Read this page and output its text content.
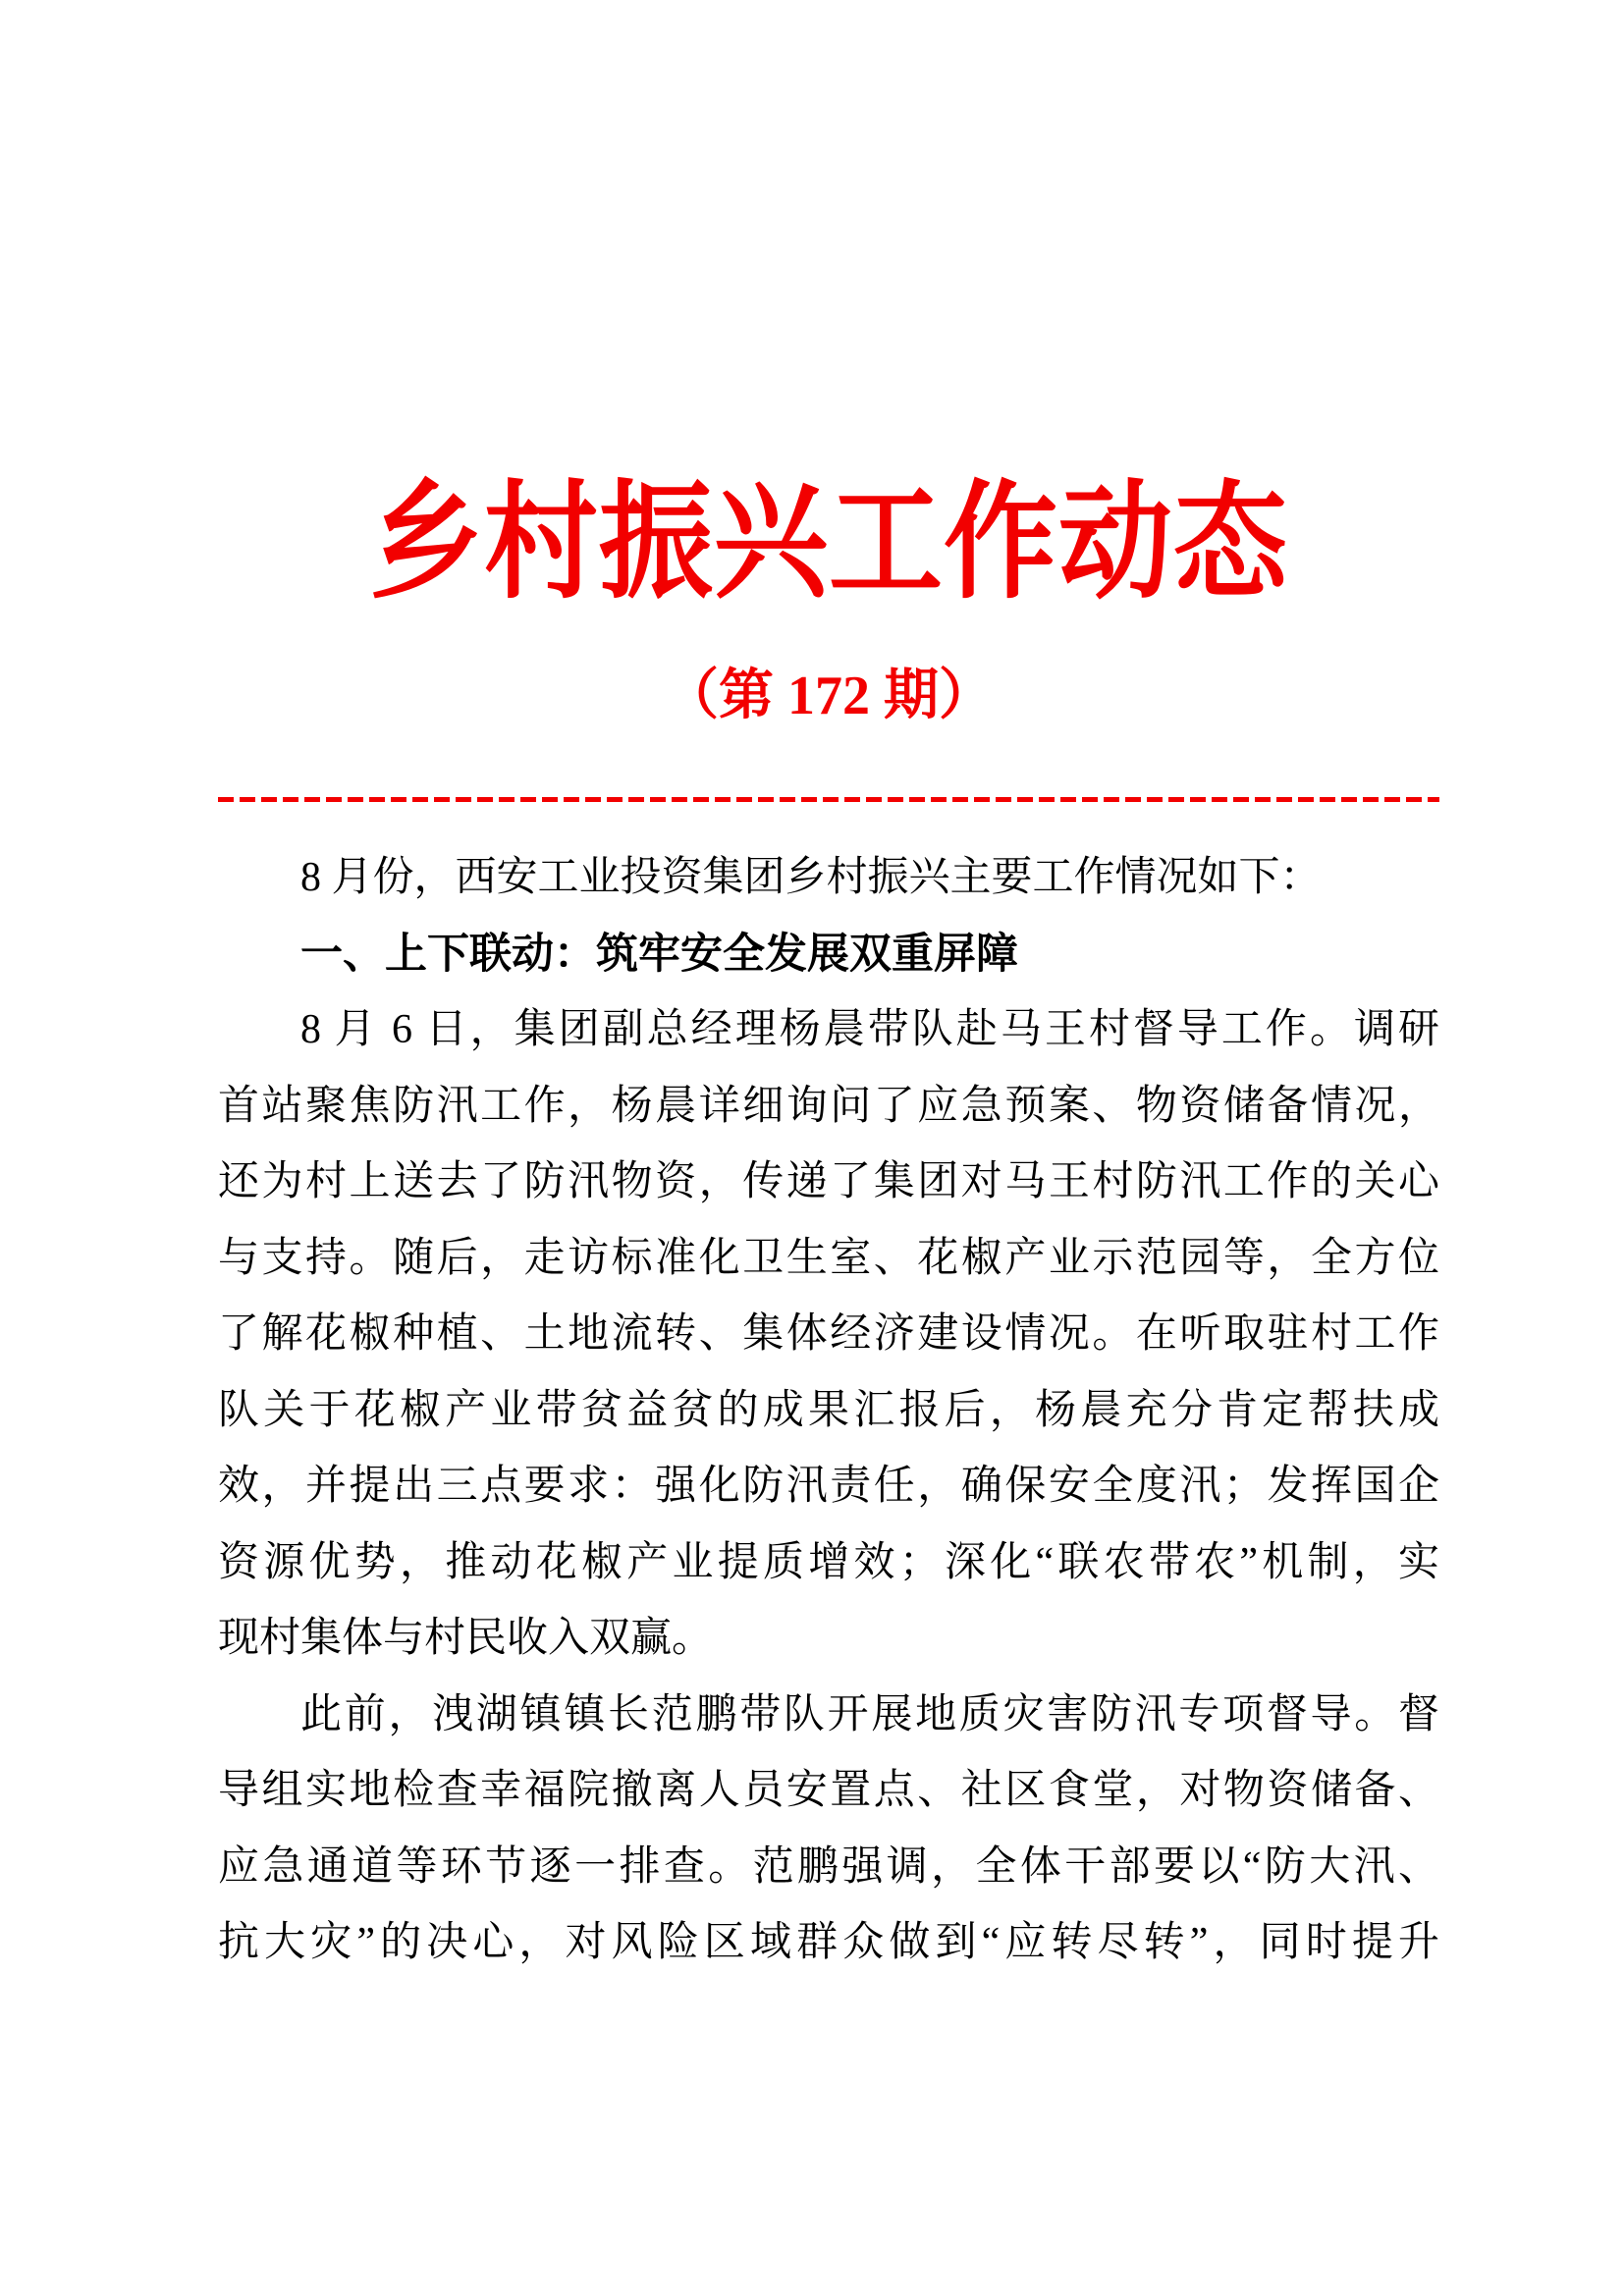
乡村振兴工作动态
（第 172 期）
8 月份，西安工业投资集团乡村振兴主要工作情况如下：
一、上下联动：筑牢安全发展双重屏障
8 月 6 日，集团副总经理杨晨带队赴马王村督导工作。调研
首站聚焦防汛工作，杨晨详细询问了应急预案、物资储备情况，
还为村上送去了防汛物资，传递了集团对马王村防汛工作的关心
与支持。随后，走访标准化卫生室、花椒产业示范园等，全方位
了解花椒种植、土地流转、集体经济建设情况。在听取驻村工作
队关于花椒产业带贫益贫的成果汇报后，杨晨充分肯定帮扶成
效，并提出三点要求：强化防汛责任，确保安全度汛；发挥国企
资源优势，推动花椒产业提质增效；深化“联农带农”机制，实
现村集体与村民收入双赢。
此前，洩湖镇镇长范鹏带队开展地质灾害防汛专项督导。督
导组实地检查幸福院撤离人员安置点、社区食堂，对物资储备、
应急通道等环节逐一排查。范鹏强调，全体干部要以“防大汛、
抗大灾”的决心，对风险区域群众做到“应转尽转”，同时提升
